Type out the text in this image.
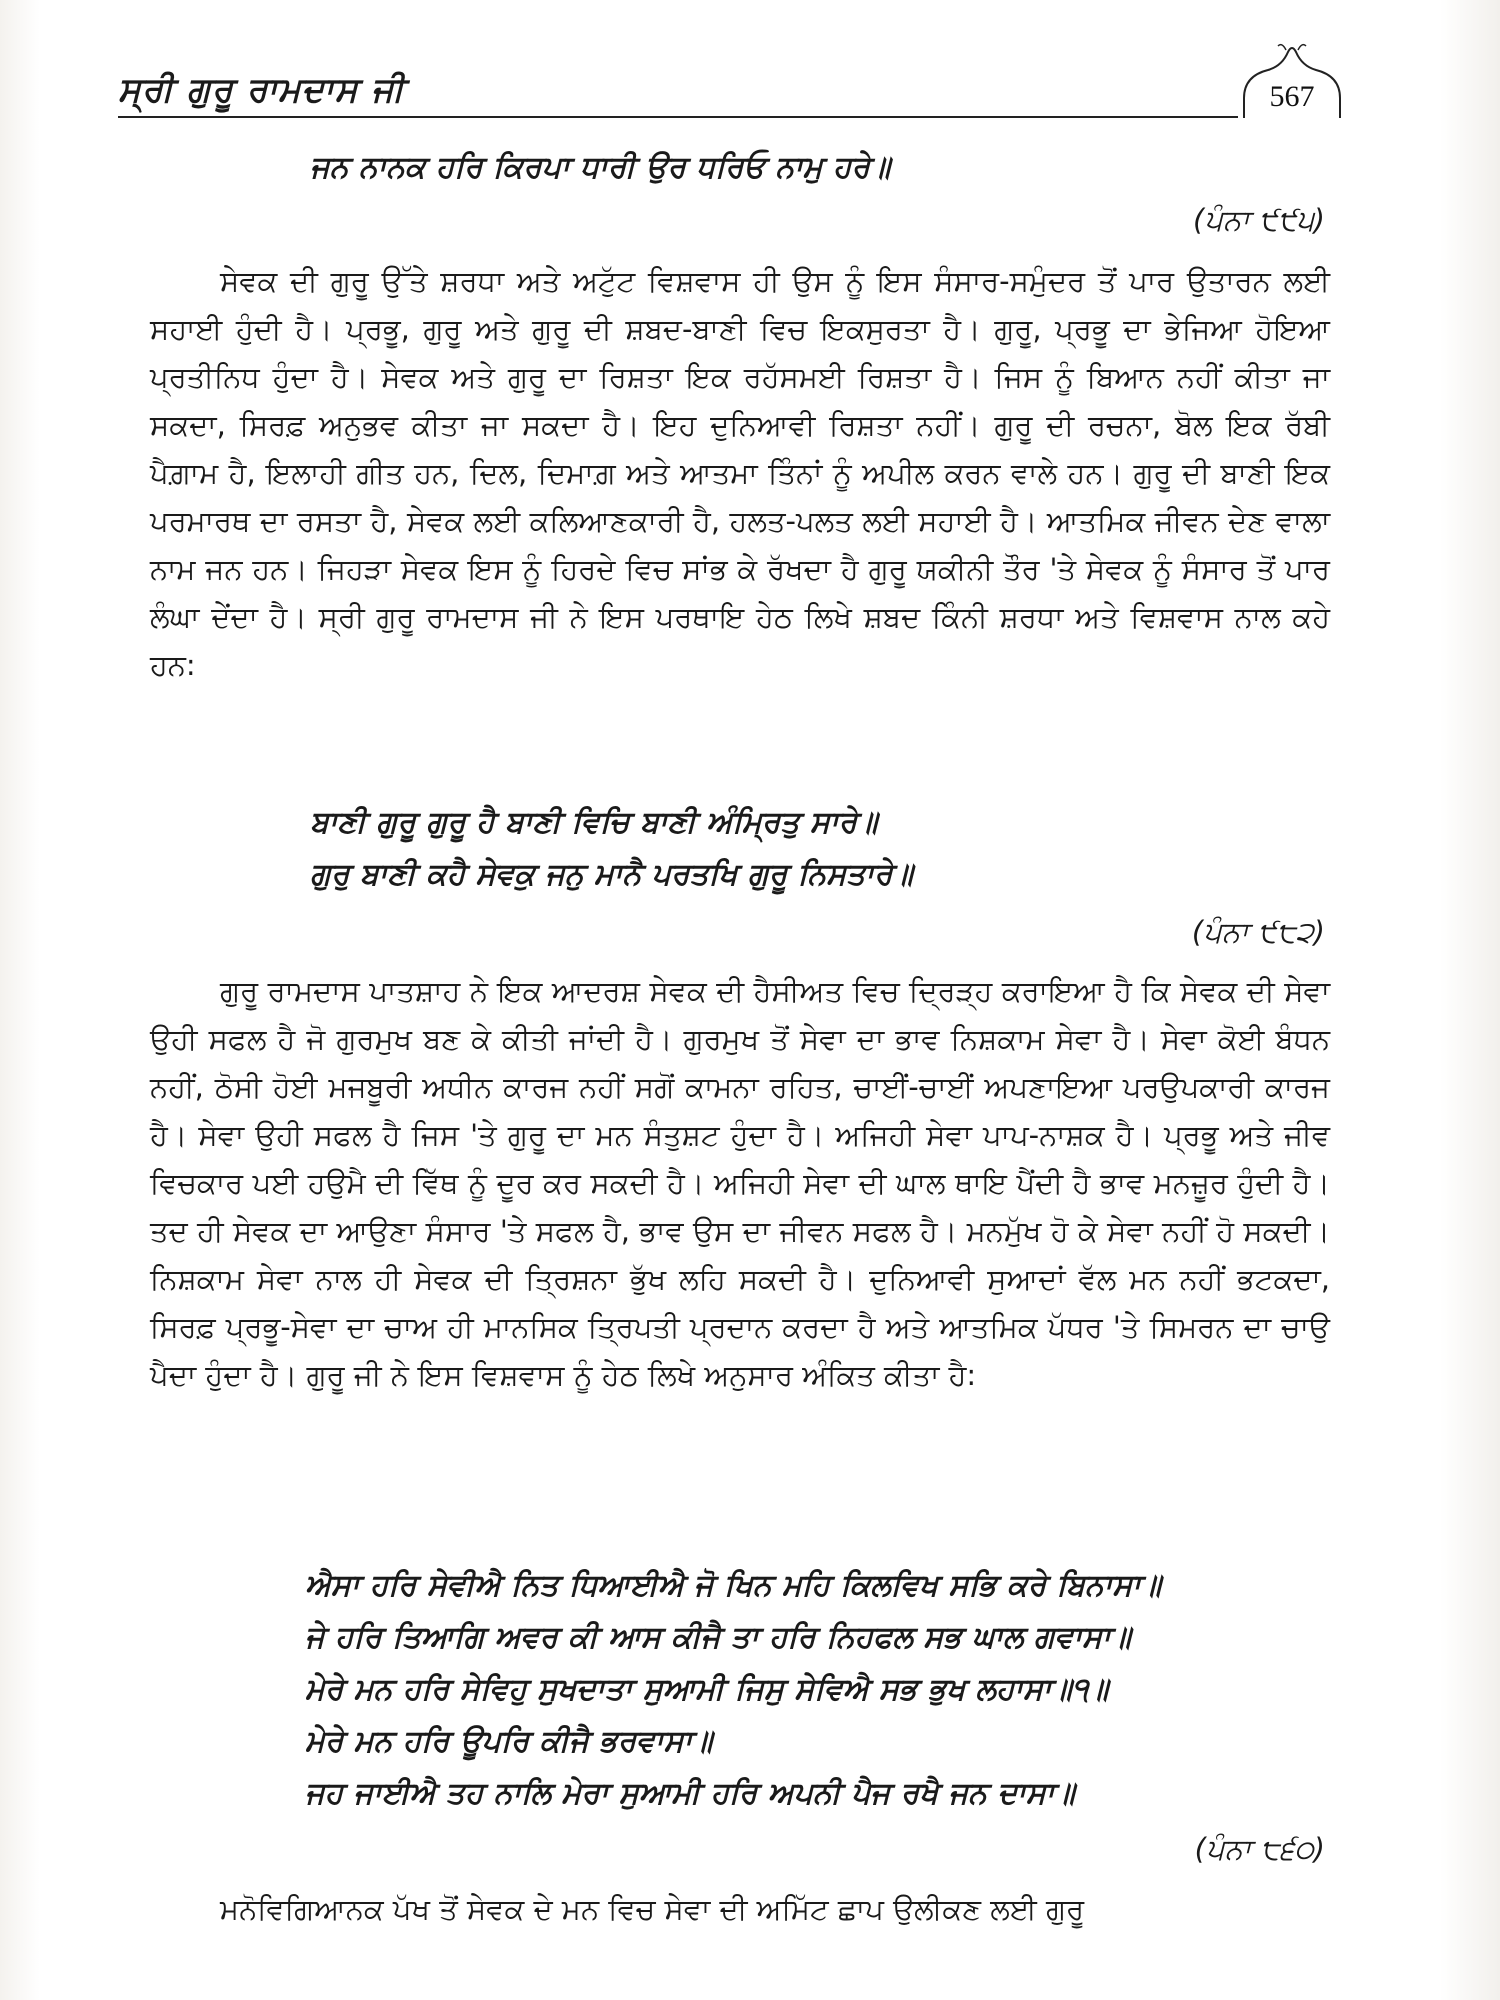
ਸ੍ਰੀ ਗੁਰੂ ਰਾਮਦਾਸ ਜੀ	567
ਜਨ ਨਾਨਕ ਹਰਿ ਕਿਰਪਾ ਧਾਰੀ ਉਰ ਧਰਿਓ ਨਾਮੁ ਹਰੇ॥
(ਪੰਨਾ ੯੯੫)
ਸੇਵਕ ਦੀ ਗੁਰੂ ਉੱਤੇ ਸ਼ਰਧਾ ਅਤੇ ਅਟੁੱਟ ਵਿਸ਼ਵਾਸ ਹੀ ਉਸ ਨੂੰ ਇਸ ਸੰਸਾਰ-ਸਮੁੰਦਰ ਤੋਂ ਪਾਰ ਉਤਾਰਨ ਲਈ ਸਹਾਈ ਹੁੰਦੀ ਹੈ। ਪ੍ਰਭੂ, ਗੁਰੂ ਅਤੇ ਗੁਰੂ ਦੀ ਸ਼ਬਦ-ਬਾਣੀ ਵਿਚ ਇਕਸੁਰਤਾ ਹੈ। ਗੁਰੂ, ਪ੍ਰਭੂ ਦਾ ਭੇਜਿਆ ਹੋਇਆ ਪ੍ਰਤੀਨਿਧ ਹੁੰਦਾ ਹੈ। ਸੇਵਕ ਅਤੇ ਗੁਰੂ ਦਾ ਰਿਸ਼ਤਾ ਇਕ ਰਹੱਸਮਈ ਰਿਸ਼ਤਾ ਹੈ। ਜਿਸ ਨੂੰ ਬਿਆਨ ਨਹੀਂ ਕੀਤਾ ਜਾ ਸਕਦਾ, ਸਿਰਫ਼ ਅਨੁਭਵ ਕੀਤਾ ਜਾ ਸਕਦਾ ਹੈ। ਇਹ ਦੁਨਿਆਵੀ ਰਿਸ਼ਤਾ ਨਹੀਂ। ਗੁਰੂ ਦੀ ਰਚਨਾ, ਬੋਲ ਇਕ ਰੱਬੀ ਪੈਗ਼ਾਮ ਹੈ, ਇਲਾਹੀ ਗੀਤ ਹਨ, ਦਿਲ, ਦਿਮਾਗ਼ ਅਤੇ ਆਤਮਾ ਤਿੰਨਾਂ ਨੂੰ ਅਪੀਲ ਕਰਨ ਵਾਲੇ ਹਨ। ਗੁਰੂ ਦੀ ਬਾਣੀ ਇਕ ਪਰਮਾਰਥ ਦਾ ਰਸਤਾ ਹੈ, ਸੇਵਕ ਲਈ ਕਲਿਆਣਕਾਰੀ ਹੈ, ਹਲਤ-ਪਲਤ ਲਈ ਸਹਾਈ ਹੈ। ਆਤਮਿਕ ਜੀਵਨ ਦੇਣ ਵਾਲਾ ਨਾਮ ਜਨ ਹਨ। ਜਿਹੜਾ ਸੇਵਕ ਇਸ ਨੂੰ ਹਿਰਦੇ ਵਿਚ ਸਾਂਭ ਕੇ ਰੱਖਦਾ ਹੈ ਗੁਰੂ ਯਕੀਨੀ ਤੌਰ 'ਤੇ ਸੇਵਕ ਨੂੰ ਸੰਸਾਰ ਤੋਂ ਪਾਰ ਲੰਘਾ ਦੇਂਦਾ ਹੈ। ਸ੍ਰੀ ਗੁਰੂ ਰਾਮਦਾਸ ਜੀ ਨੇ ਇਸ ਪਰਥਾਇ ਹੇਠ ਲਿਖੇ ਸ਼ਬਦ ਕਿੰਨੀ ਸ਼ਰਧਾ ਅਤੇ ਵਿਸ਼ਵਾਸ ਨਾਲ ਕਹੇ ਹਨ:
ਬਾਣੀ ਗੁਰੂ ਗੁਰੂ ਹੈ ਬਾਣੀ ਵਿਚਿ ਬਾਣੀ ਅੰਮ੍ਰਿਤੁ ਸਾਰੇ॥
ਗੁਰੁ ਬਾਣੀ ਕਹੈ ਸੇਵਕੁ ਜਨੁ ਮਾਨੈ ਪਰਤਖਿ ਗੁਰੂ ਨਿਸਤਾਰੇ॥
(ਪੰਨਾ ੯੮੨)
ਗੁਰੂ ਰਾਮਦਾਸ ਪਾਤਸ਼ਾਹ ਨੇ ਇਕ ਆਦਰਸ਼ ਸੇਵਕ ਦੀ ਹੈਸੀਅਤ ਵਿਚ ਦ੍ਰਿੜ੍ਹ ਕਰਾਇਆ ਹੈ ਕਿ ਸੇਵਕ ਦੀ ਸੇਵਾ ਉਹੀ ਸਫਲ ਹੈ ਜੋ ਗੁਰਮੁਖ ਬਣ ਕੇ ਕੀਤੀ ਜਾਂਦੀ ਹੈ। ਗੁਰਮੁਖ ਤੋਂ ਸੇਵਾ ਦਾ ਭਾਵ ਨਿਸ਼ਕਾਮ ਸੇਵਾ ਹੈ। ਸੇਵਾ ਕੋਈ ਬੰਧਨ ਨਹੀਂ, ਠੋਸੀ ਹੋਈ ਮਜਬੂਰੀ ਅਧੀਨ ਕਾਰਜ ਨਹੀਂ ਸਗੋਂ ਕਾਮਨਾ ਰਹਿਤ, ਚਾਈਂ-ਚਾਈਂ ਅਪਣਾਇਆ ਪਰਉਪਕਾਰੀ ਕਾਰਜ ਹੈ। ਸੇਵਾ ਉਹੀ ਸਫਲ ਹੈ ਜਿਸ 'ਤੇ ਗੁਰੂ ਦਾ ਮਨ ਸੰਤੁਸ਼ਟ ਹੁੰਦਾ ਹੈ। ਅਜਿਹੀ ਸੇਵਾ ਪਾਪ-ਨਾਸ਼ਕ ਹੈ। ਪ੍ਰਭੂ ਅਤੇ ਜੀਵ ਵਿਚਕਾਰ ਪਈ ਹਉਮੈ ਦੀ ਵਿੱਥ ਨੂੰ ਦੂਰ ਕਰ ਸਕਦੀ ਹੈ। ਅਜਿਹੀ ਸੇਵਾ ਦੀ ਘਾਲ ਥਾਇ ਪੈਂਦੀ ਹੈ ਭਾਵ ਮਨਜ਼ੂਰ ਹੁੰਦੀ ਹੈ। ਤਦ ਹੀ ਸੇਵਕ ਦਾ ਆਉਣਾ ਸੰਸਾਰ 'ਤੇ ਸਫਲ ਹੈ, ਭਾਵ ਉਸ ਦਾ ਜੀਵਨ ਸਫਲ ਹੈ। ਮਨਮੁੱਖ ਹੋ ਕੇ ਸੇਵਾ ਨਹੀਂ ਹੋ ਸਕਦੀ। ਨਿਸ਼ਕਾਮ ਸੇਵਾ ਨਾਲ ਹੀ ਸੇਵਕ ਦੀ ਤ੍ਰਿਸ਼ਨਾ ਭੁੱਖ ਲਹਿ ਸਕਦੀ ਹੈ। ਦੁਨਿਆਵੀ ਸੁਆਦਾਂ ਵੱਲ ਮਨ ਨਹੀਂ ਭਟਕਦਾ, ਸਿਰਫ਼ ਪ੍ਰਭੂ-ਸੇਵਾ ਦਾ ਚਾਅ ਹੀ ਮਾਨਸਿਕ ਤ੍ਰਿਪਤੀ ਪ੍ਰਦਾਨ ਕਰਦਾ ਹੈ ਅਤੇ ਆਤਮਿਕ ਪੱਧਰ 'ਤੇ ਸਿਮਰਨ ਦਾ ਚਾਉ ਪੈਦਾ ਹੁੰਦਾ ਹੈ। ਗੁਰੂ ਜੀ ਨੇ ਇਸ ਵਿਸ਼ਵਾਸ ਨੂੰ ਹੇਠ ਲਿਖੇ ਅਨੁਸਾਰ ਅੰਕਿਤ ਕੀਤਾ ਹੈ:
ਐਸਾ ਹਰਿ ਸੇਵੀਐ ਨਿਤ ਧਿਆਈਐ ਜੋ ਖਿਨ ਮਹਿ ਕਿਲਵਿਖ ਸਭਿ ਕਰੇ ਬਿਨਾਸਾ॥
ਜੇ ਹਰਿ ਤਿਆਗਿ ਅਵਰ ਕੀ ਆਸ ਕੀਜੈ ਤਾ ਹਰਿ ਨਿਹਫਲ ਸਭ ਘਾਲ ਗਵਾਸਾ॥
ਮੇਰੇ ਮਨ ਹਰਿ ਸੇਵਿਹੁ ਸੁਖਦਾਤਾ ਸੁਆਮੀ ਜਿਸੁ ਸੇਵਿਐ ਸਭ ਭੁਖ ਲਹਾਸਾ॥੧॥
ਮੇਰੇ ਮਨ ਹਰਿ ਊਪਰਿ ਕੀਜੈ ਭਰਵਾਸਾ॥
ਜਹ ਜਾਈਐ ਤਹ ਨਾਲਿ ਮੇਰਾ ਸੁਆਮੀ ਹਰਿ ਅਪਨੀ ਪੈਜ ਰਖੈ ਜਨ ਦਾਸਾ॥
(ਪੰਨਾ ੮੬੦)
ਮਨੋਵਿਗਿਆਨਕ ਪੱਖ ਤੋਂ ਸੇਵਕ ਦੇ ਮਨ ਵਿਚ ਸੇਵਾ ਦੀ ਅਮਿੱਟ ਛਾਪ ਉਲੀਕਣ ਲਈ ਗੁਰੂ
